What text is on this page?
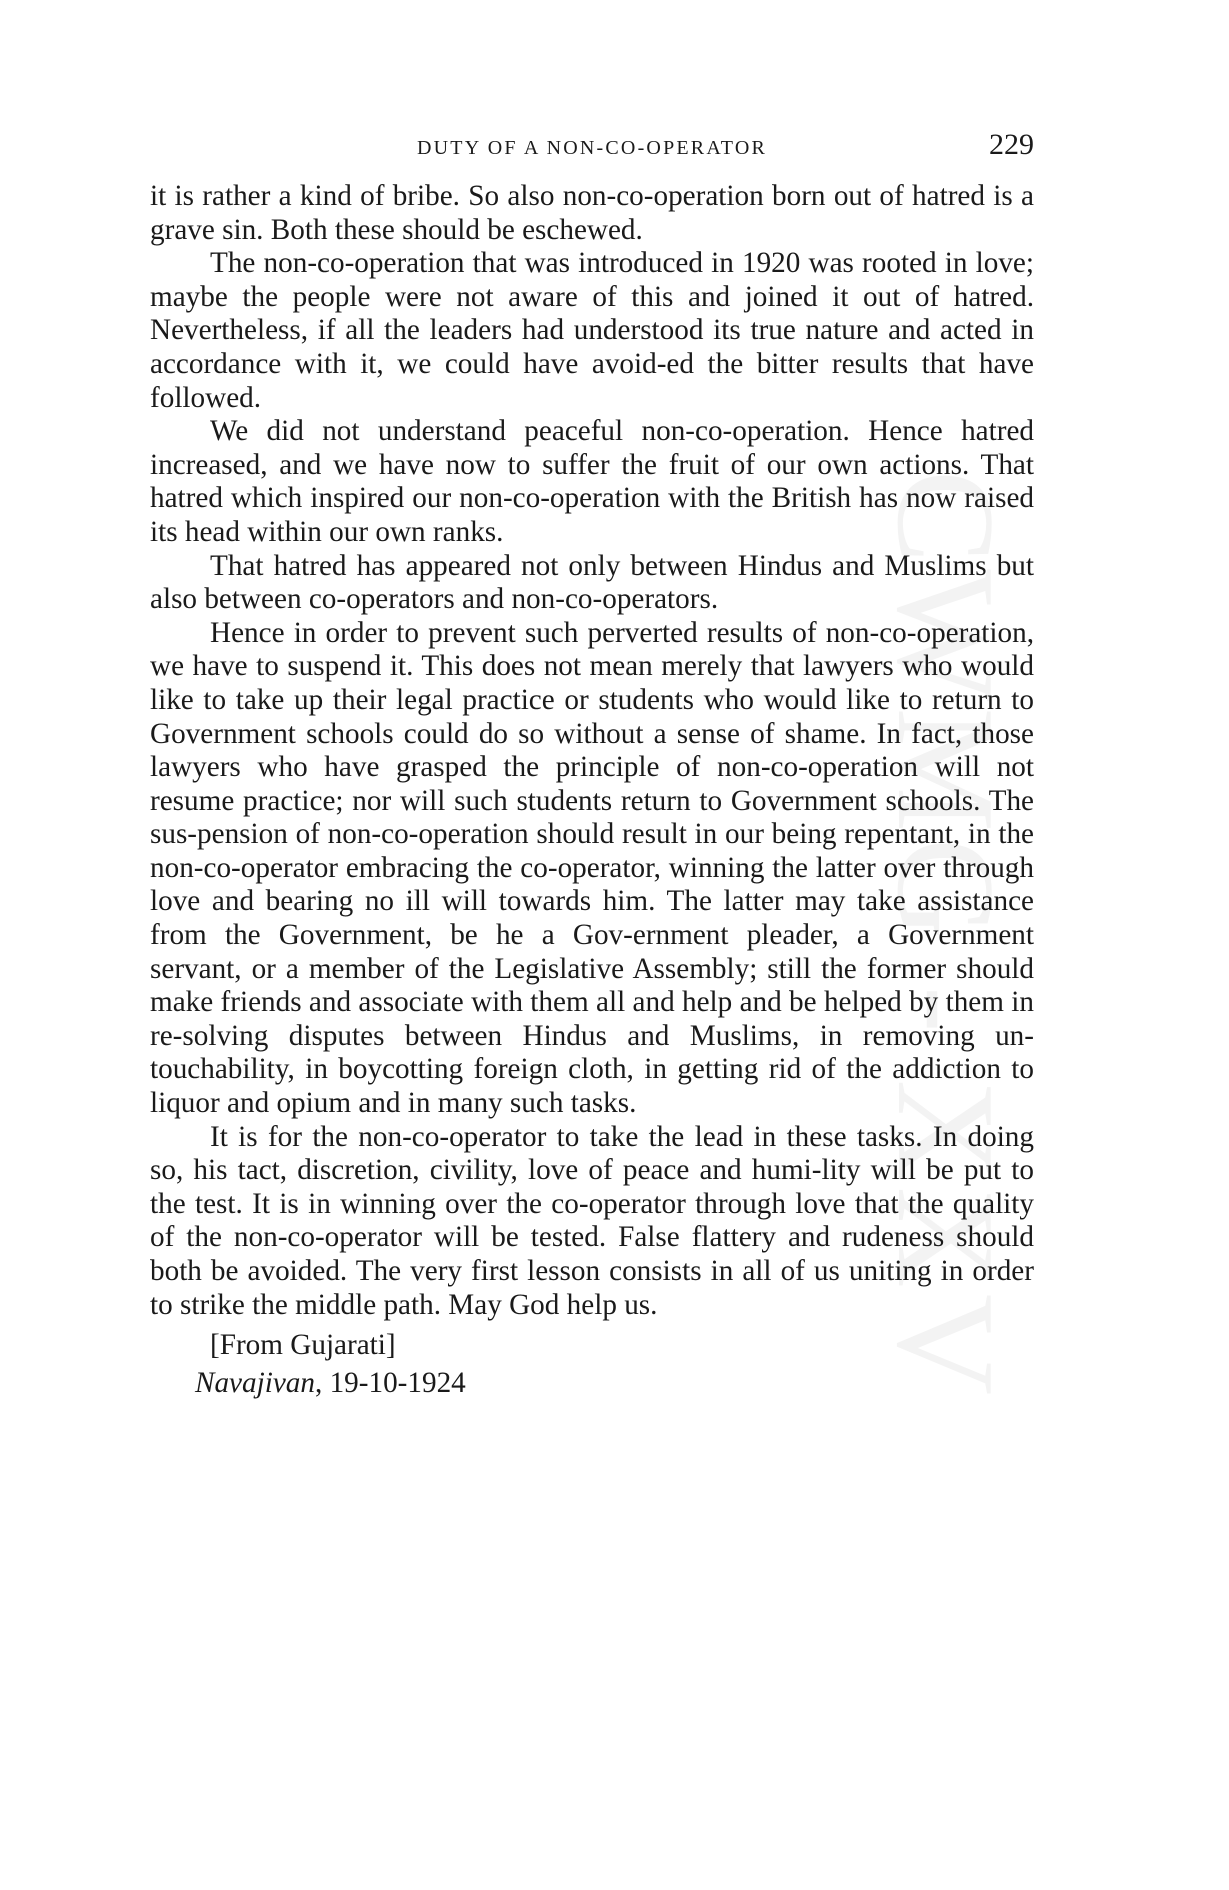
CWMG - XXV
DUTY OF A NON-CO-OPERATOR	229

it is rather a kind of bribe. So also non-co-operation born out of hatred is a grave sin. Both these should be eschewed.

The non-co-operation that was introduced in 1920 was rooted in love; maybe the people were not aware of this and joined it out of hatred. Nevertheless, if all the leaders had understood its true nature and acted in accordance with it, we could have avoid-ed the bitter results that have followed.

We did not understand peaceful non-co-operation. Hence hatred increased, and we have now to suffer the fruit of our own actions. That hatred which inspired our non-co-operation with the British has now raised its head within our own ranks.

That hatred has appeared not only between Hindus and Muslims but also between co-operators and non-co-operators.

Hence in order to prevent such perverted results of non-co-operation, we have to suspend it. This does not mean merely that lawyers who would like to take up their legal practice or students who would like to return to Government schools could do so without a sense of shame. In fact, those lawyers who have grasped the principle of non-co-operation will not resume practice; nor will such students return to Government schools. The sus-pension of non-co-operation should result in our being repentant, in the non-co-operator embracing the co-operator, winning the latter over through love and bearing no ill will towards him. The latter may take assistance from the Government, be he a Gov-ernment pleader, a Government servant, or a member of the Legislative Assembly; still the former should make friends and associate with them all and help and be helped by them in re-solving disputes between Hindus and Muslims, in removing un-touchability, in boycotting foreign cloth, in getting rid of the addiction to liquor and opium and in many such tasks.

It is for the non-co-operator to take the lead in these tasks. In doing so, his tact, discretion, civility, love of peace and humi-lity will be put to the test. It is in winning over the co-operator through love that the quality of the non-co-operator will be tested. False flattery and rudeness should both be avoided. The very first lesson consists in all of us uniting in order to strike the middle path. May God help us.

[From Gujarati]
Navajivan, 19-10-1924
